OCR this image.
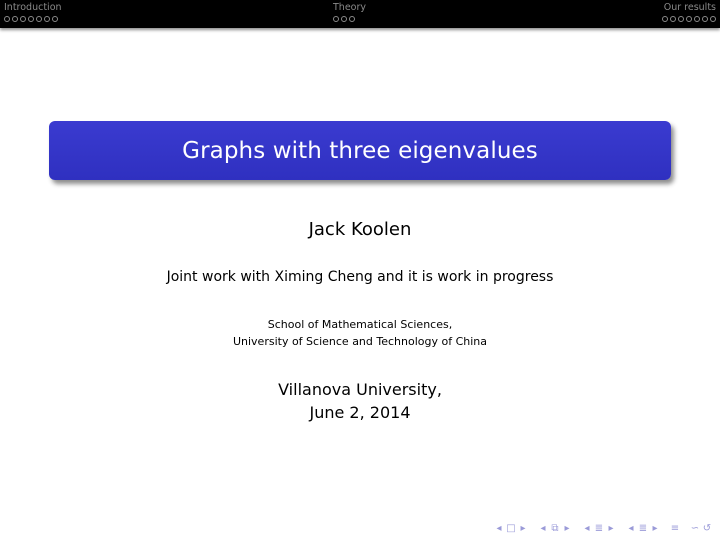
Introduction	Theory	Our results
Graphs with three eigenvalues
Jack Koolen
Joint work with Ximing Cheng and it is work in progress
School of Mathematical Sciences,
University of Science and Technology of China
Villanova University,
June 2, 2014
◂ □ ▸ ◂ ⧉ ▸ ◂ ≣ ▸ ◂ ≣ ▸ ≡ ∽ ↺
